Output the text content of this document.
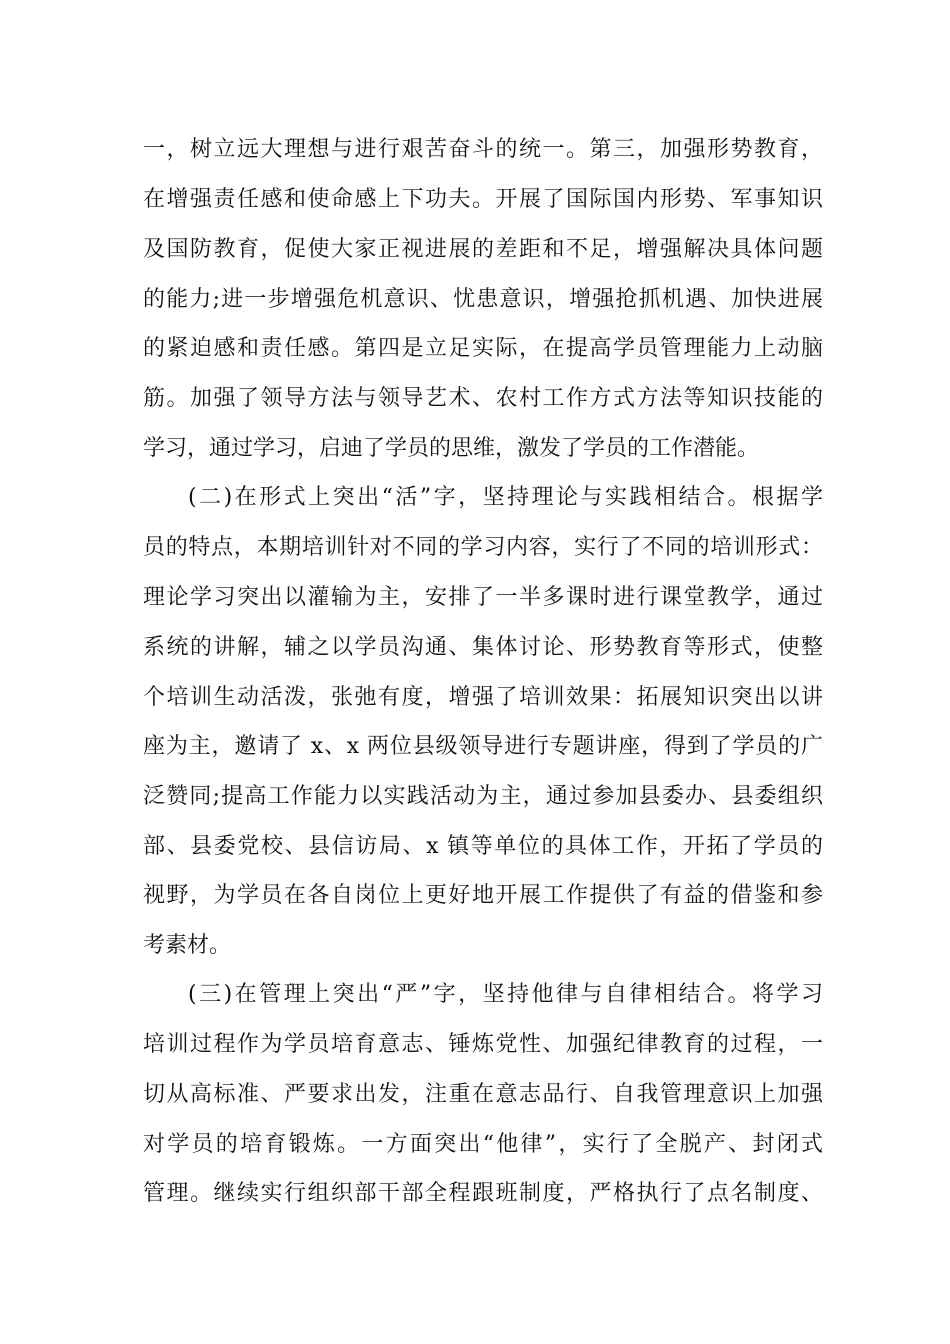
一，树立远大理想与进行艰苦奋斗的统一。第三，加强形势教育，
在增强责任感和使命感上下功夫。开展了国际国内形势、军事知识
及国防教育，促使大家正视进展的差距和不足，增强解决具体问题
的能力;进一步增强危机意识、忧患意识，增强抢抓机遇、加快进展
的紧迫感和责任感。第四是立足实际，在提高学员管理能力上动脑
筋。加强了领导方法与领导艺术、农村工作方式方法等知识技能的
学习，通过学习，启迪了学员的思维，激发了学员的工作潜能。
(二)在形式上突出“活”字，坚持理论与实践相结合。根据学
员的特点，本期培训针对不同的学习内容，实行了不同的培训形式：
理论学习突出以灌输为主，安排了一半多课时进行课堂教学，通过
系统的讲解，辅之以学员沟通、集体讨论、形势教育等形式，使整
个培训生动活泼，张弛有度，增强了培训效果：拓展知识突出以讲
座为主，邀请了 x、x 两位县级领导进行专题讲座，得到了学员的广
泛赞同;提高工作能力以实践活动为主，通过参加县委办、县委组织
部、县委党校、县信访局、x 镇等单位的具体工作，开拓了学员的
视野，为学员在各自岗位上更好地开展工作提供了有益的借鉴和参
考素材。
(三)在管理上突出“严”字，坚持他律与自律相结合。将学习
培训过程作为学员培育意志、锤炼党性、加强纪律教育的过程，一
切从高标准、严要求出发，注重在意志品行、自我管理意识上加强
对学员的培育锻炼。一方面突出“他律”，实行了全脱产、封闭式
管理。继续实行组织部干部全程跟班制度，严格执行了点名制度、
